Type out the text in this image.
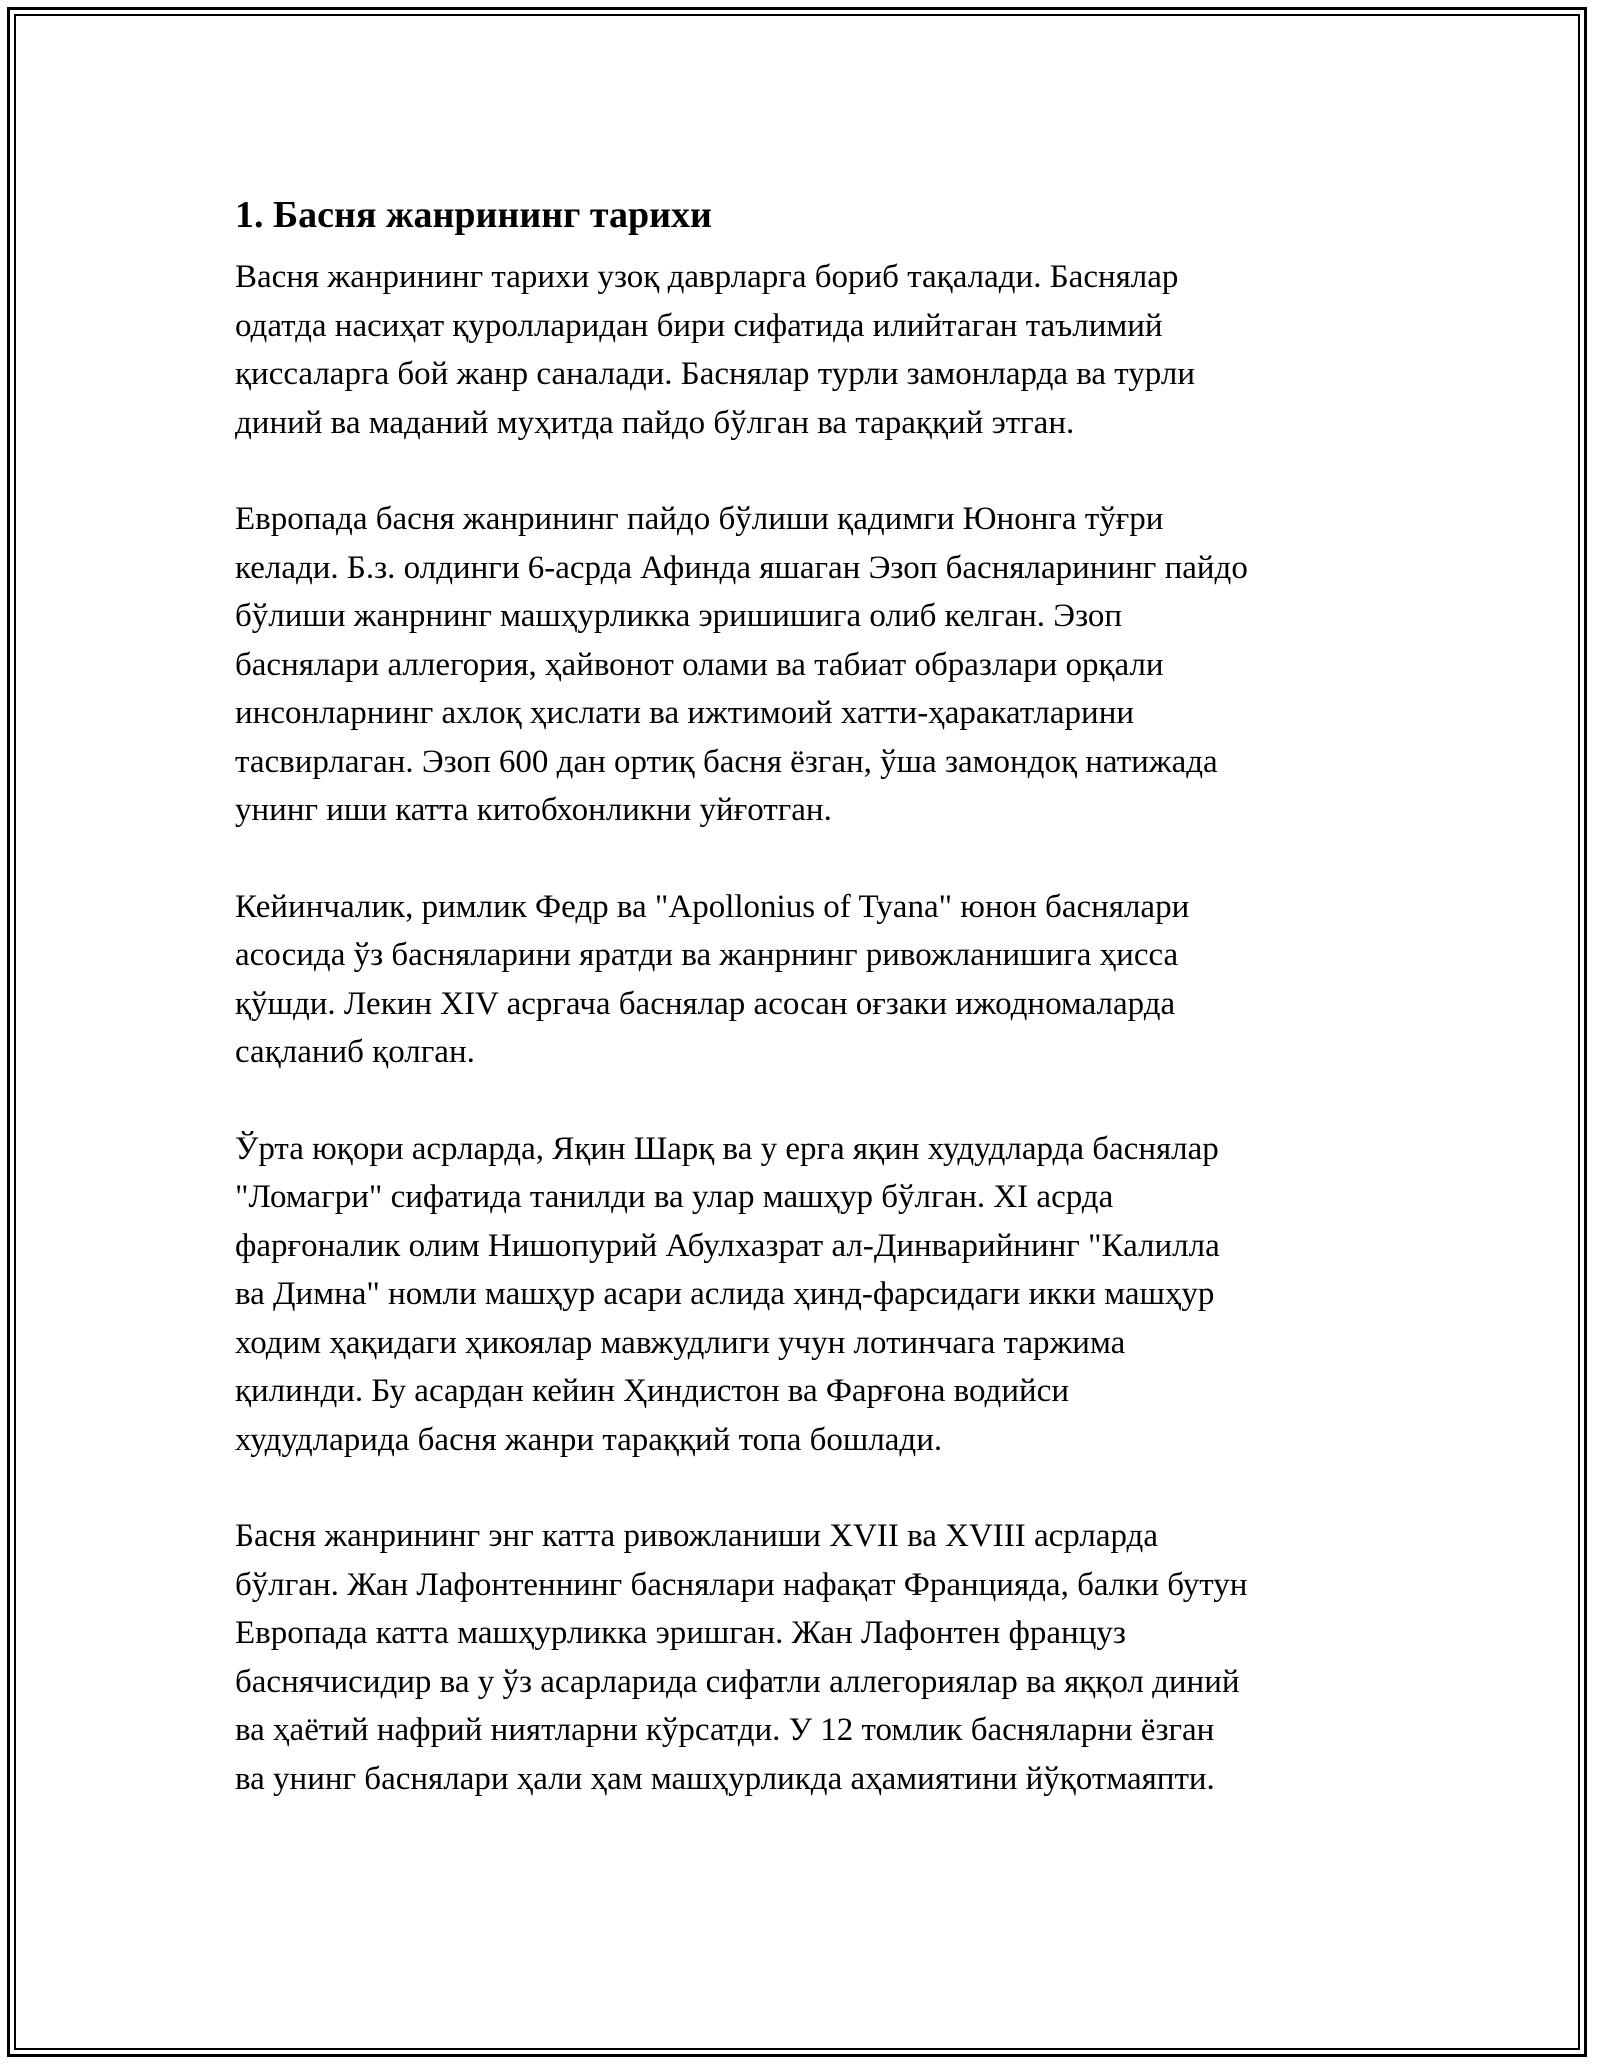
1. Басня жанрининг тарихи
Васня жанрининг тарихи узоқ даврларга бориб тақалади. Баснялар
одатда насиҳат қуролларидан бири сифатида илийтаган таълимий
қиссаларга бой жанр саналади. Баснялар турли замонларда ва турли
диний ва маданий муҳитда пайдо бўлган ва тараққий этган.
Европада басня жанрининг пайдо бўлиши қадимги Юнонга тўғри
келади. Б.з. олдинги 6-асрда Афинда яшаган Эзоп басняларининг пайдо
бўлиши жанрнинг машҳурликка эришишига олиб келган. Эзоп
баснялари аллегория, ҳайвонот олами ва табиат образлари орқали
инсонларнинг ахлоқ ҳислати ва ижтимоий хатти-ҳаракатларини
тасвирлаган. Эзоп 600 дан ортиқ басня ёзган, ўша замондоқ натижада
унинг иши катта китобхонликни уйғотган.
Кейинчалик, римлик Федр ва "Apollonius of Tyana" юнон баснялари
асосида ўз басняларини яратди ва жанрнинг ривожланишига ҳисса
қўшди. Лекин XIV асргача баснялар асосан оғзаки ижодномаларда
сақланиб қолган.
Ўрта юқори асрларда, Яқин Шарқ ва у ерга яқин худудларда баснялар
"Ломагри" сифатида танилди ва улар машҳур бўлган. XI асрда
фарғоналик олим Нишопурий Абулхазрат ал-Динварийнинг "Калилла
ва Димна" номли машҳур асари аслида ҳинд-фарсидаги икки машҳур
ходим ҳақидаги ҳикоялар мавжудлиги учун лотинчага таржима
қилинди. Бу асардан кейин Ҳиндистон ва Фарғона водийси
худудларида басня жанри тараққий топа бошлади.
Басня жанрининг энг катта ривожланиши XVII ва XVIII асрларда
бўлган. Жан Лафонтеннинг баснялари нафақат Францияда, балки бутун
Европада катта машҳурликка эришган. Жан Лафонтен француз
баснячисидир ва у ўз асарларида сифатли аллегориялар ва яққол диний
ва ҳаётий нафрий ниятларни кўрсатди. У 12 томлик басняларни ёзган
ва унинг баснялари ҳали ҳам машҳурликда аҳамиятини йўқотмаяпти.
